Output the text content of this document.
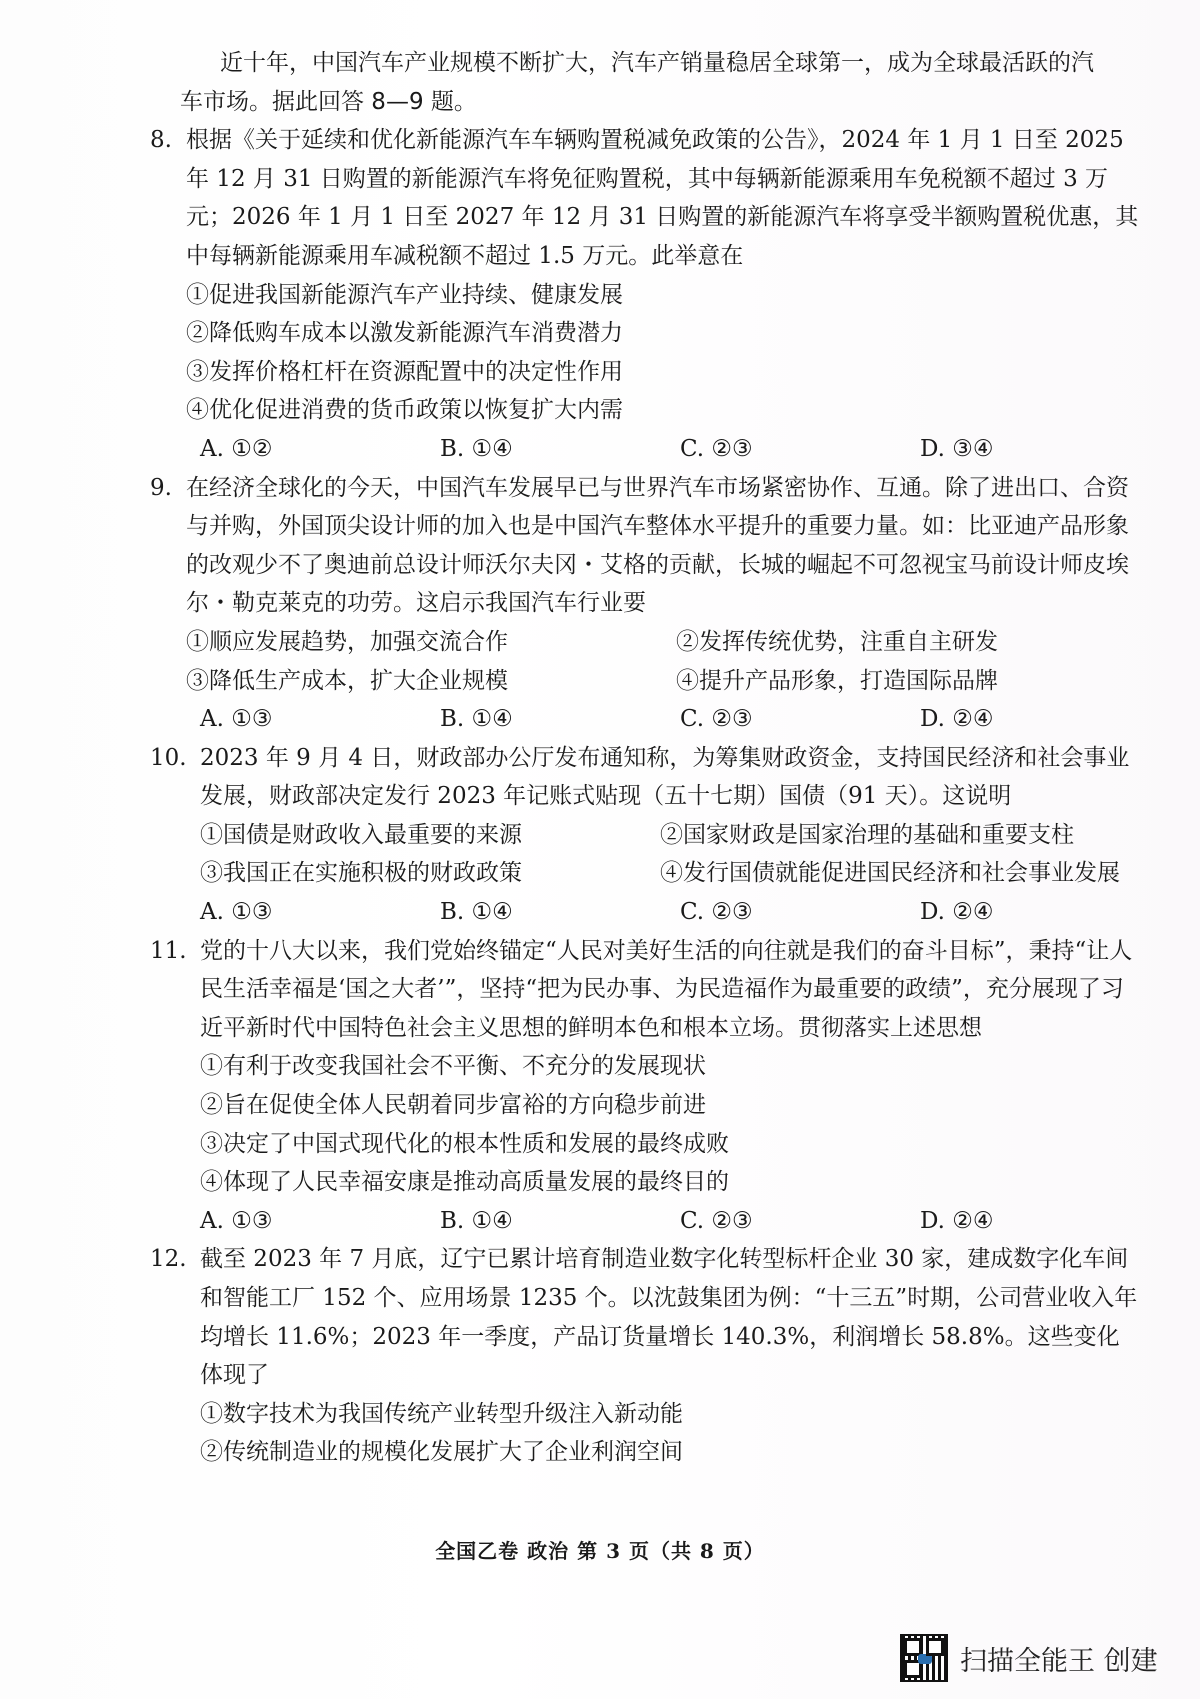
近十年，中国汽车产业规模不断扩大，汽车产销量稳居全球第一，成为全球最活跃的汽
车市场。据此回答 8—9 题。

8. 根据《关于延续和优化新能源汽车车辆购置税减免政策的公告》，2024 年 1 月 1 日至 2025 年 12 月 31 日购置的新能源汽车将免征购置税，其中每辆新能源乘用车免税额不超过 3 万元；2026 年 1 月 1 日至 2027 年 12 月 31 日购置的新能源汽车将享受半额购置税优惠，其中每辆新能源乘用车减税额不超过 1.5 万元。此举意在

①促进我国新能源汽车产业持续、健康发展

②降低购车成本以激发新能源汽车消费潜力

③发挥价格杠杆在资源配置中的决定性作用

④优化促进消费的货币政策以恢复扩大内需

A. ①②	B. ①④	C. ②③	D. ③④
9. 在经济全球化的今天，中国汽车发展早已与世界汽车市场紧密协作、互通。除了进出口、合资与并购，外国顶尖设计师的加入也是中国汽车整体水平提升的重要力量。如：比亚迪产品形象的改观少不了奥迪前总设计师沃尔夫冈・艾格的贡献，长城的崛起不可忽视宝马前设计师皮埃尔・勒克莱克的功劳。这启示我国汽车行业要

①顺应发展趋势，加强交流合作	②发挥传统优势，注重自主研发
③降低生产成本，扩大企业规模	④提升产品形象，打造国际品牌
A. ①③	B. ①④	C. ②③	D. ②④
10. 2023 年 9 月 4 日，财政部办公厅发布通知称，为筹集财政资金，支持国民经济和社会事业发展，财政部决定发行 2023 年记账式贴现（五十七期）国债（91 天）。这说明

①国债是财政收入最重要的来源	②国家财政是国家治理的基础和重要支柱
③我国正在实施积极的财政政策	④发行国债就能促进国民经济和社会事业发展
A. ①③	B. ①④	C. ②③	D. ②④
11. 党的十八大以来，我们党始终锚定“人民对美好生活的向往就是我们的奋斗目标”，秉持“让人民生活幸福是‘国之大者’”，坚持“把为民办事、为民造福作为最重要的政绩”，充分展现了习近平新时代中国特色社会主义思想的鲜明本色和根本立场。贯彻落实上述思想

①有利于改变我国社会不平衡、不充分的发展现状

②旨在促使全体人民朝着同步富裕的方向稳步前进

③决定了中国式现代化的根本性质和发展的最终成败

④体现了人民幸福安康是推动高质量发展的最终目的

A. ①③	B. ①④	C. ②③	D. ②④
12. 截至 2023 年 7 月底，辽宁已累计培育制造业数字化转型标杆企业 30 家，建成数字化车间和智能工厂 152 个、应用场景 1235 个。以沈鼓集团为例：“十三五”时期，公司营业收入年均增长 11.6%；2023 年一季度，产品订货量增长 140.3%，利润增长 58.8%。这些变化体现了

①数字技术为我国传统产业转型升级注入新动能

②传统制造业的规模化发展扩大了企业利润空间

全国乙卷 政治 第 3 页（共 8 页）
扫描全能王 创建
